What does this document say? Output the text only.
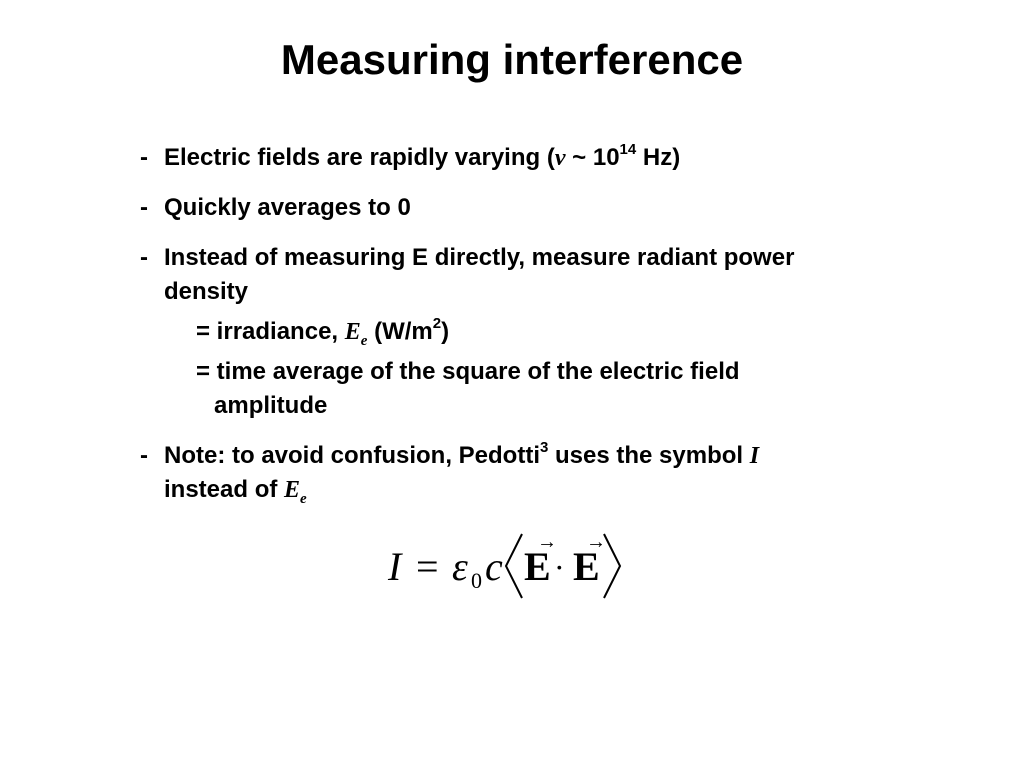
Measuring interference
- Electric fields are rapidly varying (ν ~ $10^{14}$ Hz)
- Quickly averages to 0
- Instead of measuring E directly, measure radiant power
density
= irradiance, $E_e$ $(W/m^2)$
= time average of the square of the electric field
amplitude
- Note: to avoid confusion, Pedotti$^3$ uses the symbol I
instead of $E_e$
I = ε 0 c
→
E ·
→
E
